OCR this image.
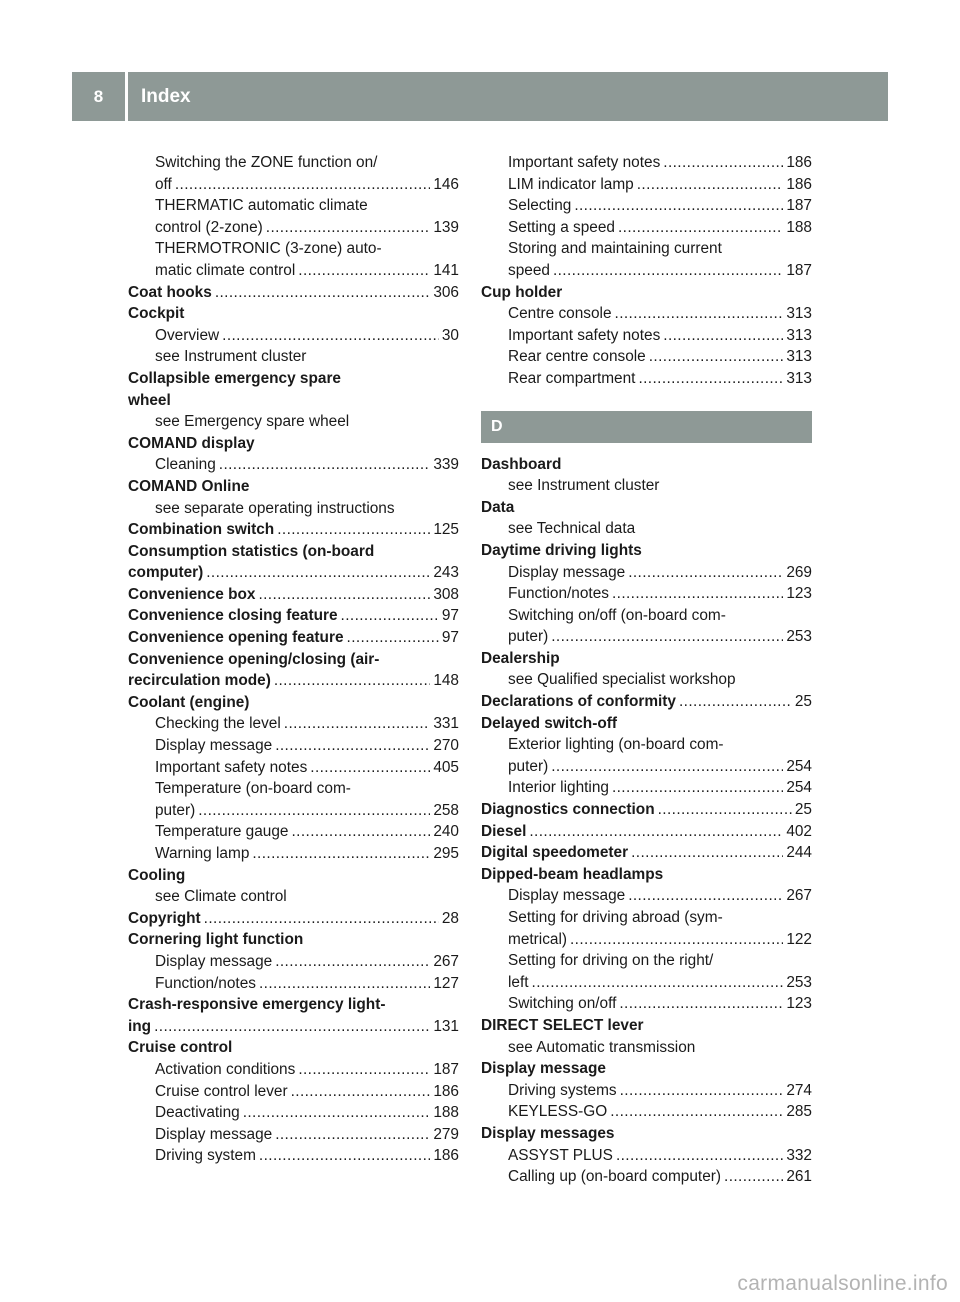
8	Index
Switching the ZONE function on/
off .....	146
THERMATIC automatic climate
control (2-zone) .....	139
THERMOTRONIC (3-zone) auto-
matic climate control .....	141
Coat hooks .....	306
Cockpit
Overview .....	30
see Instrument cluster
Collapsible emergency spare
wheel
see Emergency spare wheel
COMAND display
Cleaning .....	339
COMAND Online
see separate operating instructions
Combination switch .....	125
Consumption statistics (on-board
computer) .....	243
Convenience box .....	308
Convenience closing feature .....	97
Convenience opening feature .....	97
Convenience opening/closing (air-
recirculation mode) .....	148
Coolant (engine)
Checking the level .....	331
Display message .....	270
Important safety notes .....	405
Temperature (on-board com-
puter) .....	258
Temperature gauge .....	240
Warning lamp .....	295
Cooling
see Climate control
Copyright .....	28
Cornering light function
Display message .....	267
Function/notes .....	127
Crash-responsive emergency light-
ing .....	131
Cruise control
Activation conditions .....	187
Cruise control lever .....	186
Deactivating .....	188
Display message .....	279
Driving system .....	186
Important safety notes .....	186
LIM indicator lamp .....	186
Selecting .....	187
Setting a speed .....	188
Storing and maintaining current
speed .....	187
Cup holder
Centre console .....	313
Important safety notes .....	313
Rear centre console .....	313
Rear compartment .....	313
D
Dashboard
see Instrument cluster
Data
see Technical data
Daytime driving lights
Display message .....	269
Function/notes .....	123
Switching on/off (on-board com-
puter) .....	253
Dealership
see Qualified specialist workshop
Declarations of conformity .....	25
Delayed switch-off
Exterior lighting (on-board com-
puter) .....	254
Interior lighting .....	254
Diagnostics connection .....	25
Diesel .....	402
Digital speedometer .....	244
Dipped-beam headlamps
Display message .....	267
Setting for driving abroad (sym-
metrical) .....	122
Setting for driving on the right/
left .....	253
Switching on/off .....	123
DIRECT SELECT lever
see Automatic transmission
Display message
Driving systems .....	274
KEYLESS-GO .....	285
Display messages
ASSYST PLUS .....	332
Calling up (on-board computer) .....	261
carmanualsonline.info
